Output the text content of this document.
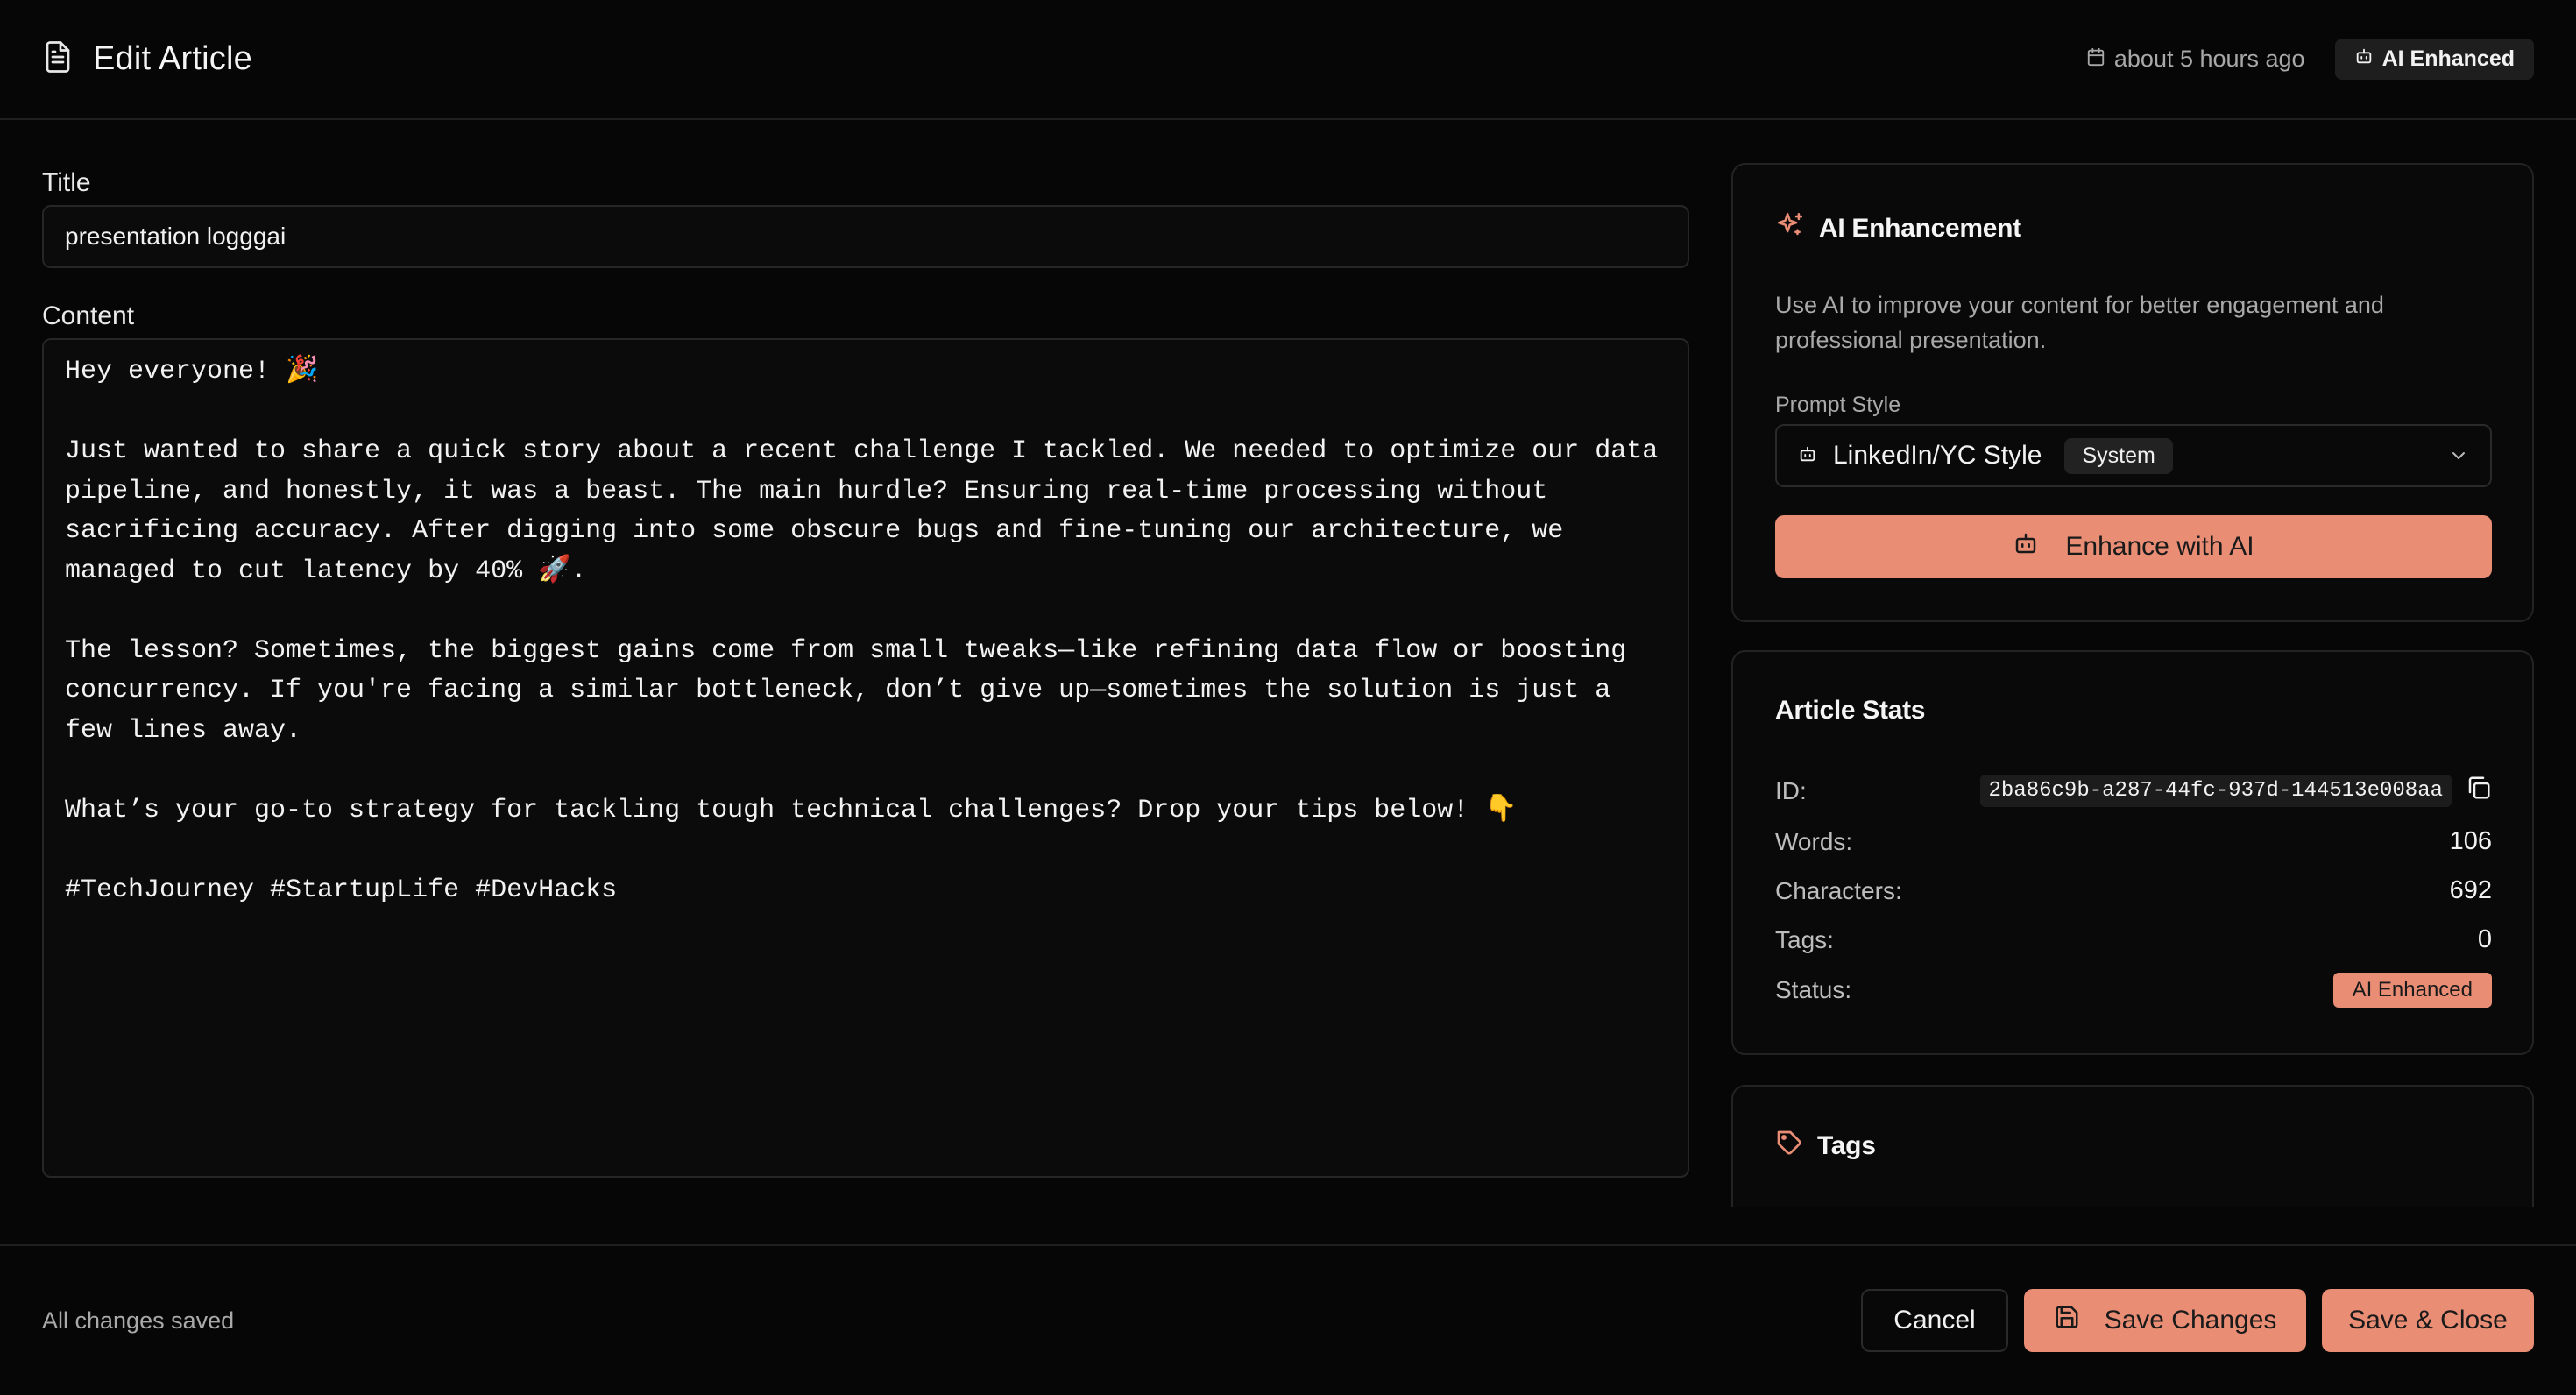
Edit Article	about 5 hours ago	AI Enhanced
Title
presentation logggai
Content
Hey everyone! 🎉 Just wanted to share a quick story about a recent challenge I tackled. We needed to optimize our data pipeline, and honestly, it was a beast. The main hurdle? Ensuring real-time processing without sacrificing accuracy. After digging into some obscure bugs and fine-tuning our architecture, we managed to cut latency by 40% 🚀. The lesson? Sometimes, the biggest gains come from small tweaks—like refining data flow or boosting concurrency. If you're facing a similar bottleneck, don’t give up—sometimes the solution is just a few lines away. What’s your go-to strategy for tackling tough technical challenges? Drop your tips below! 👇 #TechJourney #StartupLife #DevHacks
AI Enhancement

Use AI to improve your content for better engagement and professional presentation.

Prompt Style
LinkedIn/YC Style	System
Enhance with AI
Article Stats
ID:	2ba86c9b-a287-44fc-937d-144513e008aa
Words:	106
Characters:	692
Tags:	0
Status:	AI Enhanced
Tags
All changes saved	Cancel	Save Changes	Save & Close
